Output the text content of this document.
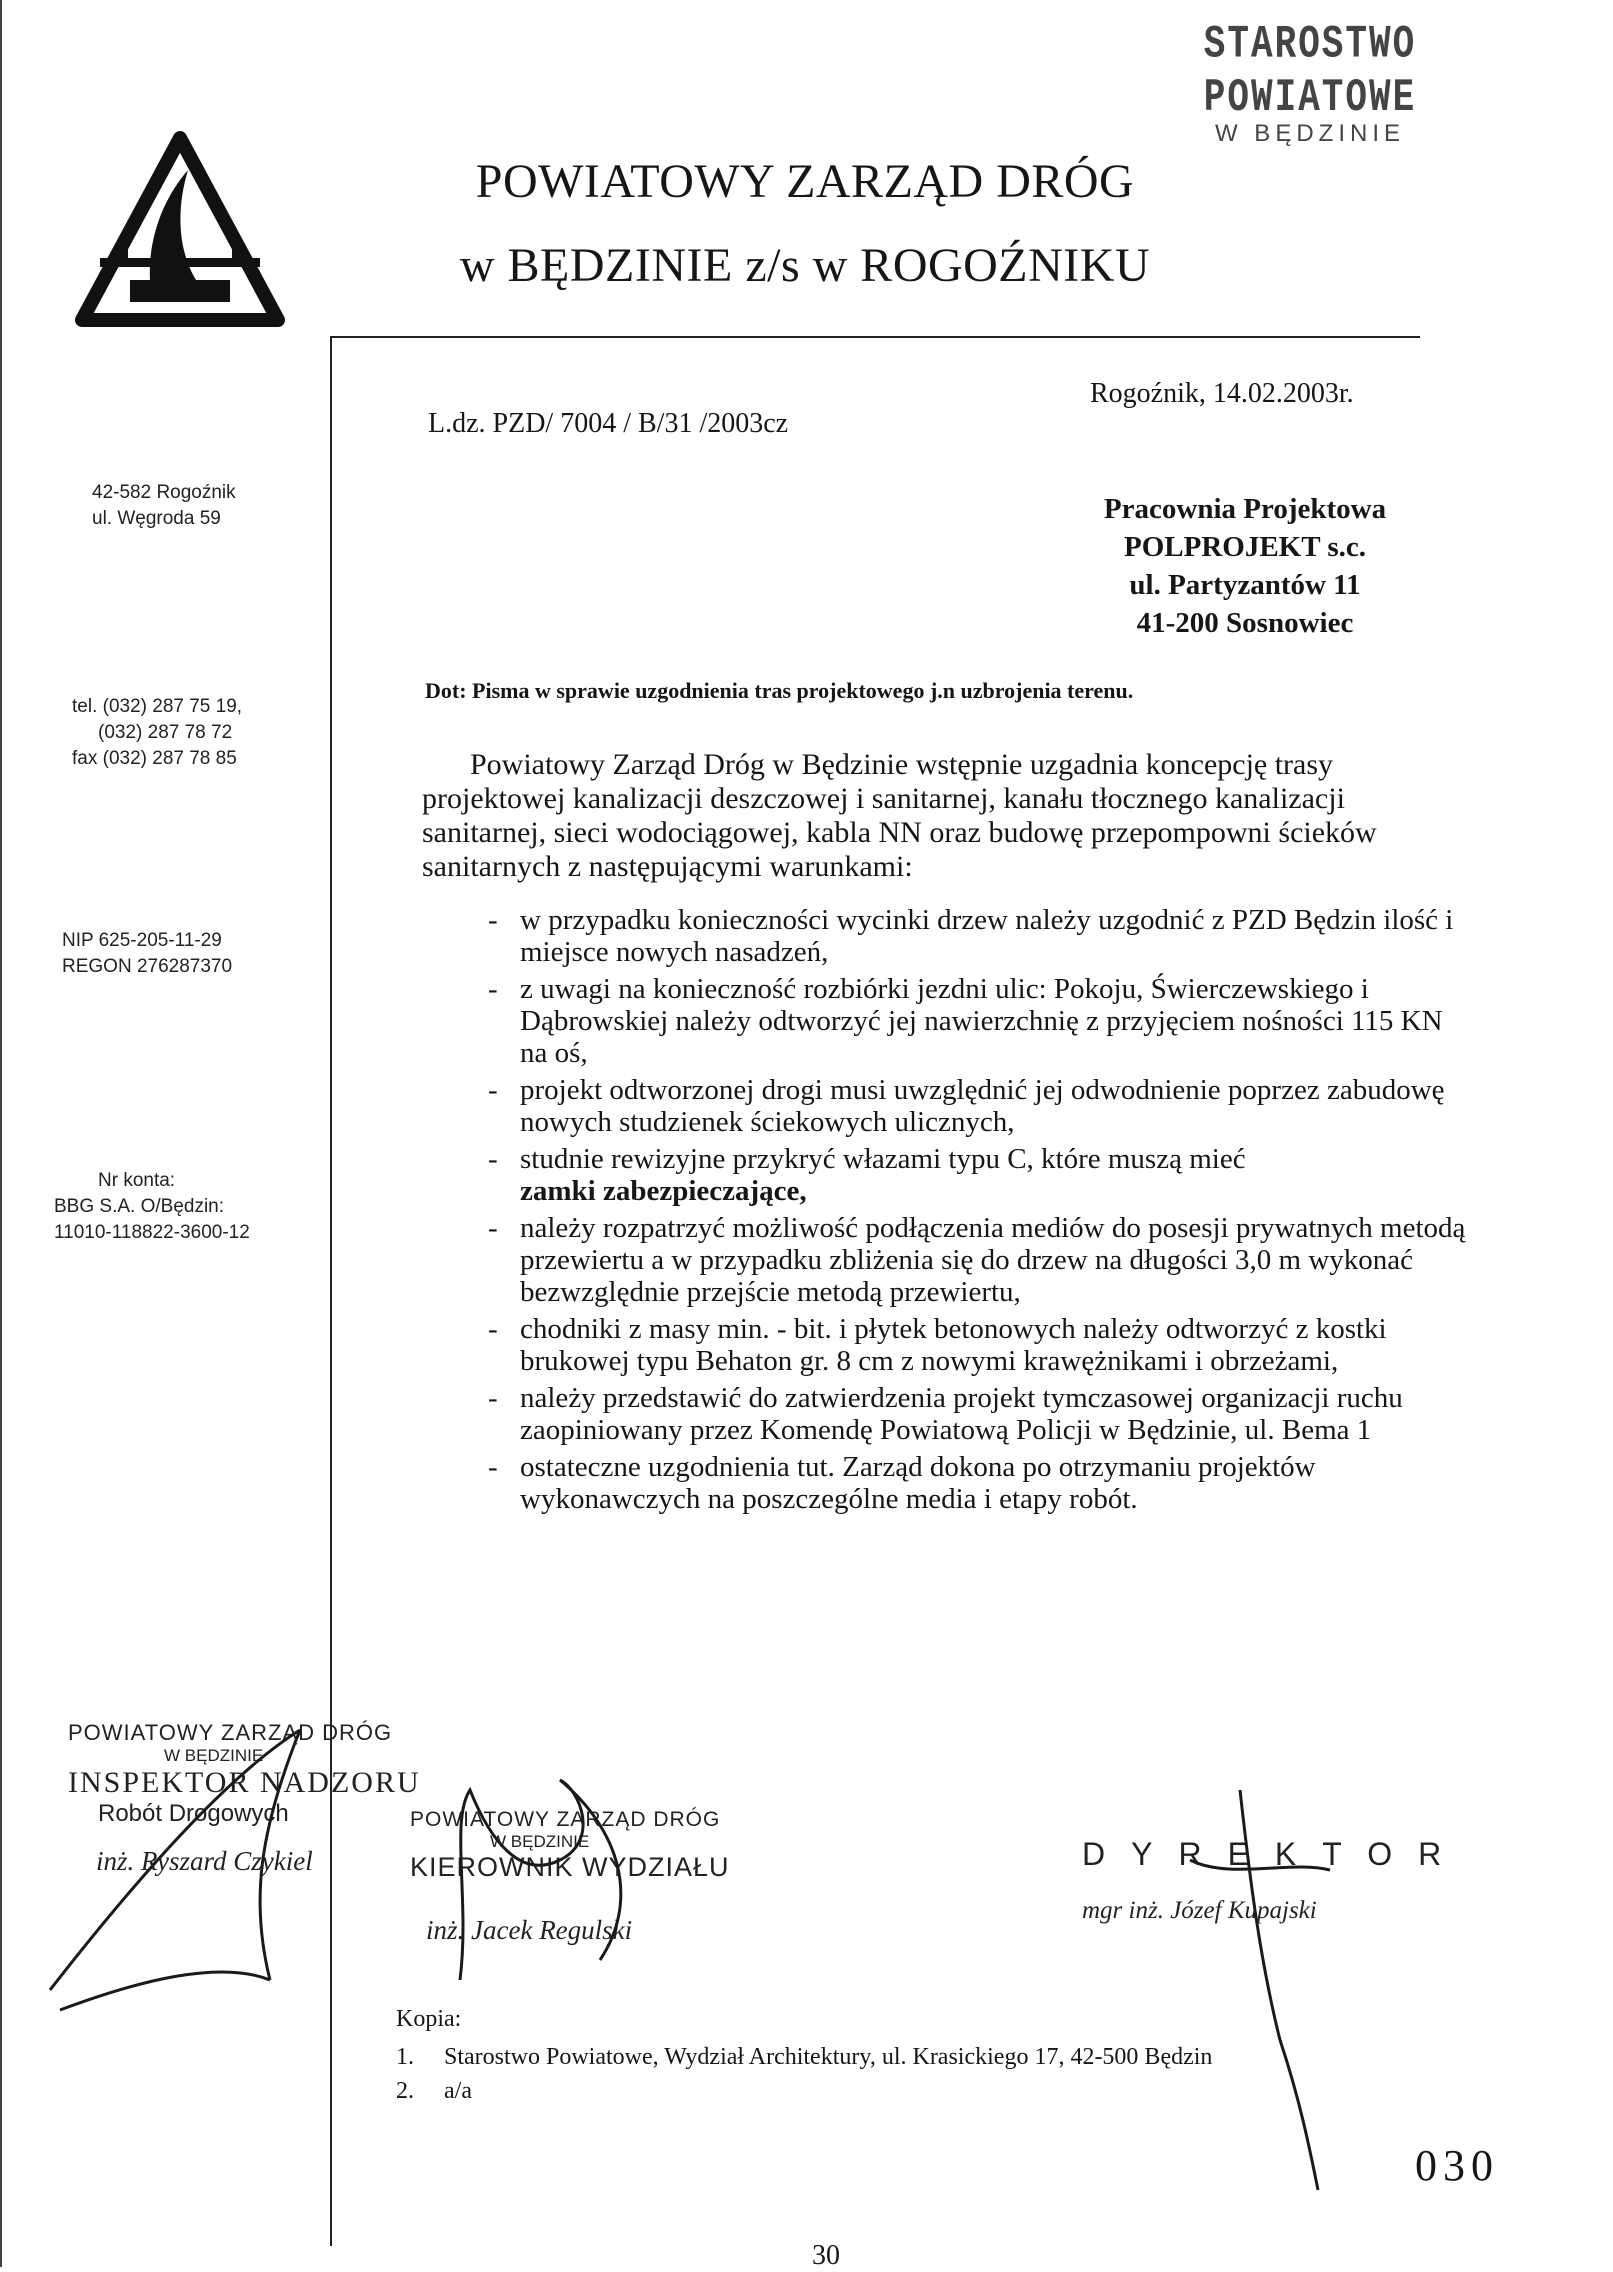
STAROSTWO POWIATOWE
W BĘDZINIE
POWIATOWY ZARZĄD DRÓG
w BĘDZINIE z/s w ROGOŹNIKU
42-582 Rogoźnik
ul. Węgroda 59
tel. (032) 287 75 19,
(032) 287 78 72
fax (032) 287 78 85
NIP 625-205-11-29
REGON 276287370
Nr konta:
BBG S.A. O/Będzin:
11010-118822-3600-12
Rogoźnik, 14.02.2003r.
L.dz. PZD/ 7004 / B/31 /2003cz
Pracownia Projektowa
POLPROJEKT s.c.
ul. Partyzantów 11
41-200 Sosnowiec
Dot: Pisma w sprawie uzgodnienia tras projektowego j.n uzbrojenia terenu.
Powiatowy Zarząd Dróg w Będzinie wstępnie uzgadnia koncepcję trasy projektowej kanalizacji deszczowej i sanitarnej, kanału tłocznego kanalizacji sanitarnej, sieci wodociągowej, kabla NN oraz budowę przepompowni ścieków sanitarnych z następującymi warunkami:
- w przypadku konieczności wycinki drzew należy uzgodnić z PZD Będzin ilość i miejsce nowych nasadzeń,
- z uwagi na konieczność rozbiórki jezdni ulic: Pokoju, Świerczewskiego i Dąbrowskiej należy odtworzyć jej nawierzchnię z przyjęciem nośności 115 KN na oś,
- projekt odtworzonej drogi musi uwzględnić jej odwodnienie poprzez zabudowę nowych studzienek ściekowych ulicznych,
- studnie rewizyjne przykryć włazami typu C, które muszą mieć
zamki zabezpieczające,
- należy rozpatrzyć możliwość podłączenia mediów do posesji prywatnych metodą przewiertu a w przypadku zbliżenia się do drzew na długości 3,0 m wykonać bezwzględnie przejście metodą przewiertu,
- chodniki z masy min. - bit. i płytek betonowych należy odtworzyć z kostki brukowej typu Behaton gr. 8 cm z nowymi krawężnikami i obrzeżami,
- należy przedstawić do zatwierdzenia projekt tymczasowej organizacji ruchu zaopiniowany przez Komendę Powiatową Policji w Będzinie, ul. Bema 1
- ostateczne uzgodnienia tut. Zarząd dokona po otrzymaniu projektów wykonawczych na poszczególne media i etapy robót.
POWIATOWY ZARZĄD DRÓG
W BĘDZINIE
INSPEKTOR NADZORU
Robót Drogowych
inż. Ryszard Czykiel
POWIATOWY ZARZĄD DRÓG
W BĘDZINIE
KIEROWNIK WYDZIAŁU
inż. Jacek Regulski
DYREKTOR
mgr inż. Józef Kupajski
Kopia:
1. Starostwo Powiatowe, Wydział Architektury, ul. Krasickiego 17, 42-500 Będzin
2. a/a
030
30
